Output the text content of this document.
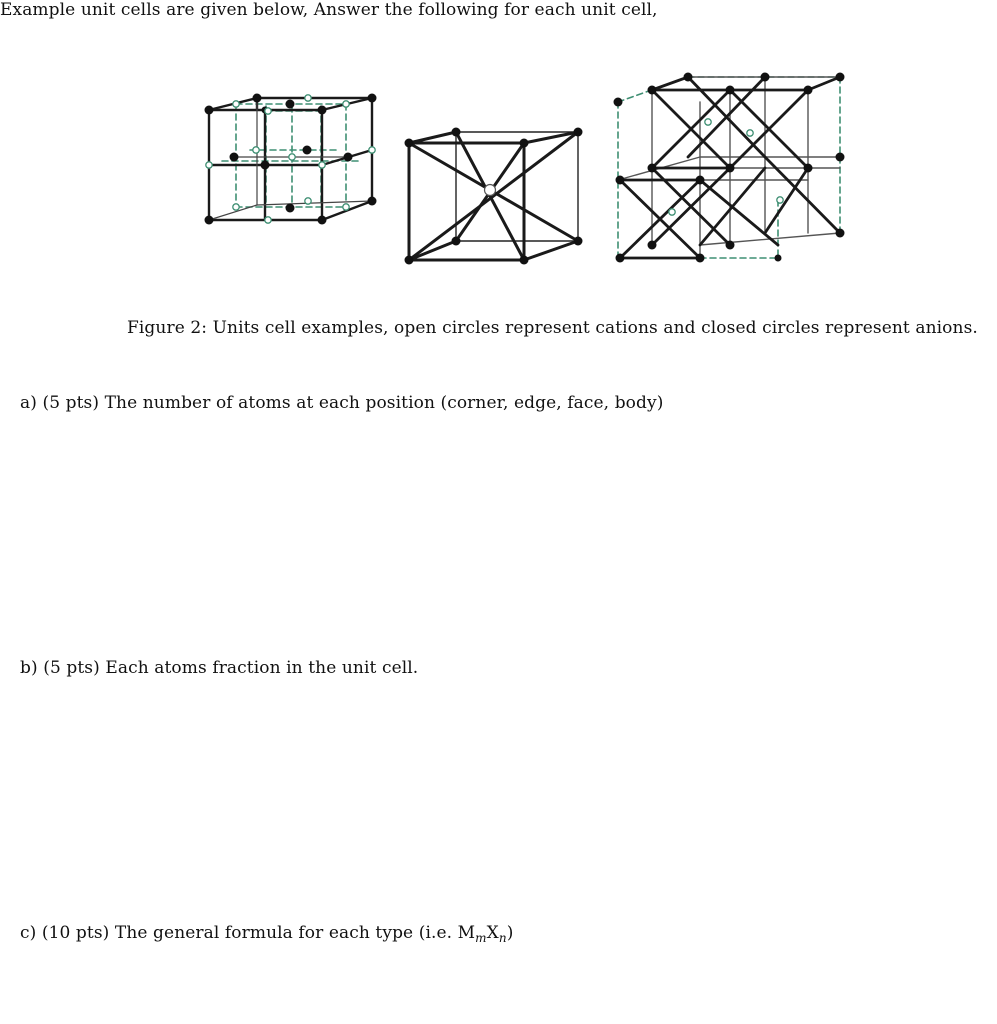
Example unit cells are given below, Answer the following for each unit cell,
Figure 2: Units cell examples, open circles represent cations and closed circles represent anions.
a) (5 pts) The number of atoms at each position (corner, edge, face, body)
b) (5 pts) Each atoms fraction in the unit cell.
c) (10 pts) The general formula for each type (i.e. $M_mX_n$)
